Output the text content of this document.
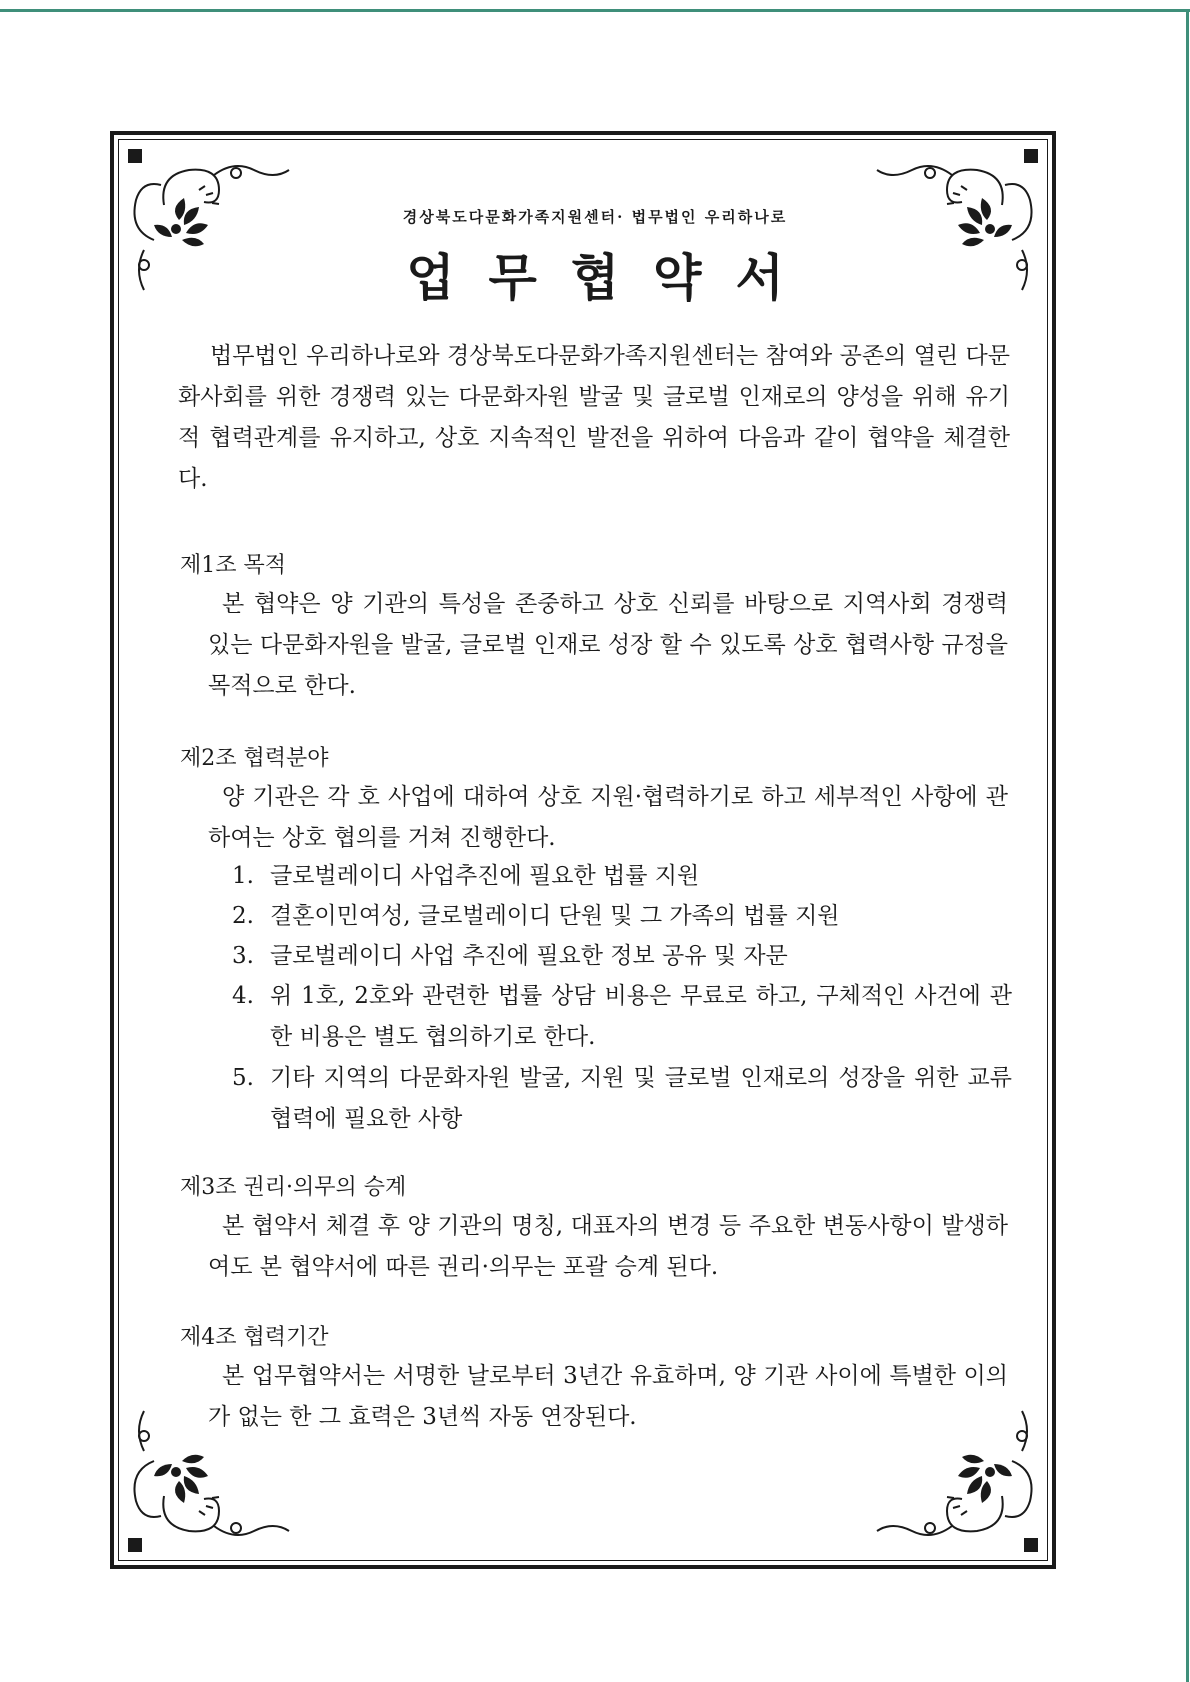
경상북도다문화가족지원센터· 법무법인 우리하나로
업무협약서

법무법인 우리하나로와 경상북도다문화가족지원센터는 참여와 공존의 열린 다문화사회를 위한 경쟁력 있는 다문화자원 발굴 및 글로벌 인재로의 양성을 위해 유기적 협력관계를 유지하고, 상호 지속적인 발전을 위하여 다음과 같이 협약을 체결한다.

제1조 목적

본 협약은 양 기관의 특성을 존중하고 상호 신뢰를 바탕으로 지역사회 경쟁력 있는 다문화자원을 발굴, 글로벌 인재로 성장 할 수 있도록 상호 협력사항 규정을 목적으로 한다.

제2조 협력분야

양 기관은 각 호 사업에 대하여 상호 지원·협력하기로 하고 세부적인 사항에 관하여는 상호 협의를 거쳐 진행한다.

1. 글로벌레이디 사업추진에 필요한 법률 지원
2. 결혼이민여성, 글로벌레이디 단원 및 그 가족의 법률 지원
3. 글로벌레이디 사업 추진에 필요한 정보 공유 및 자문
4. 위 1호, 2호와 관련한 법률 상담 비용은 무료로 하고, 구체적인 사건에 관한 비용은 별도 협의하기로 한다.
5. 기타 지역의 다문화자원 발굴, 지원 및 글로벌 인재로의 성장을 위한 교류 협력에 필요한 사항

제3조 권리·의무의 승계

본 협약서 체결 후 양 기관의 명칭, 대표자의 변경 등 주요한 변동사항이 발생하여도 본 협약서에 따른 권리·의무는 포괄 승계 된다.

제4조 협력기간

본 업무협약서는 서명한 날로부터 3년간 유효하며, 양 기관 사이에 특별한 이의가 없는 한 그 효력은 3년씩 자동 연장된다.
